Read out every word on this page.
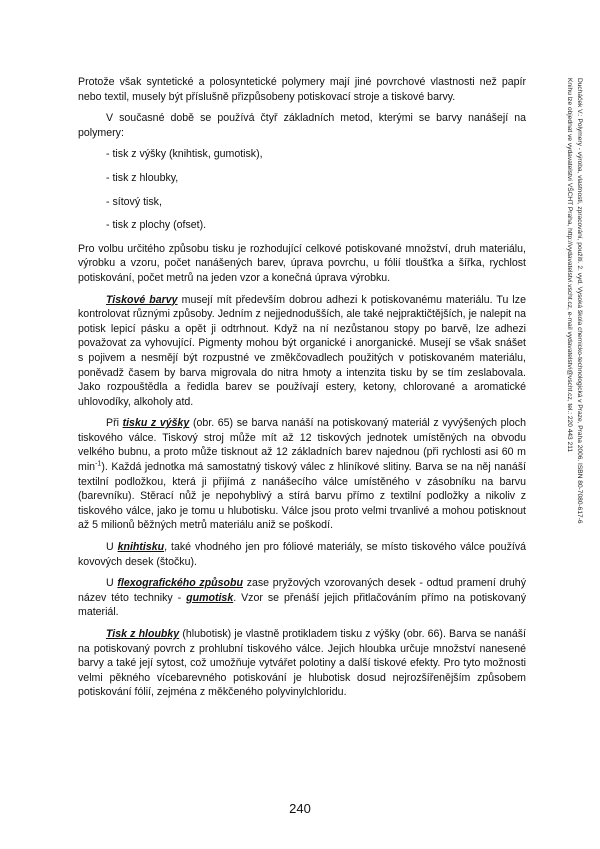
Protože však syntetické a polosyntetické polymery mají jiné povrchové vlastnosti než papír nebo textil, musely být příslušně přizpůsobeny potiskovací stroje a tiskové barvy.

V současné době se používá čtyř základních metod, kterými se barvy nanášejí na polymery:

- tisk z výšky (knihtisk, gumotisk),
- tisk z hloubky,
- sítový tisk,
- tisk z plochy (ofset).

Pro volbu určitého způsobu tisku je rozhodující celkové potiskované množství, druh materiálu, výrobku a vzoru, počet nanášených barev, úprava povrchu, u fólií tloušťka a šířka, rychlost potiskování, počet metrů na jeden vzor a konečná úprava výrobku.

Tiskové barvy musejí mít především dobrou adhezi k potiskovanému materiálu. Tu lze kontrolovat různými způsoby. Jedním z nejjednodušších, ale také nejpraktičtějších, je nalepit na potisk lepicí pásku a opět ji odtrhnout. Když na ní nezůstanou stopy po barvě, lze adhezi považovat za vyhovující. Pigmenty mohou být organické i anorganické. Musejí se však snášet s pojivem a nesmějí být rozpustné ve změkčovadlech použitých v potiskovaném materiálu, poněvadž časem by barva migrovala do nitra hmoty a intenzita tisku by se tím zeslabovala. Jako rozpouštědla a ředidla barev se používají estery, ketony, chlorované a aromatické uhlovodíky, alkoholy atd.

Při tisku z výšky (obr. 65) se barva nanáší na potiskovaný materiál z vyvýšených ploch tiskového válce. Tiskový stroj může mít až 12 tiskových jednotek umístěných na obvodu velkého bubnu, a proto může tisknout až 12 základních barev najednou (při rychlosti asi 60 m $\min^{-1}$). Každá jednotka má samostatný tiskový válec z hliníkové slitiny. Barva se na něj nanáší textilní podložkou, která ji přijímá z nanášecího válce umístěného v zásobníku na barvu (barevníku). Stěrací nůž je nepohyblivý a stírá barvu přímo z textilní podložky a nikoliv z tiskového válce, jako je tomu u hlubotisku. Válce jsou proto velmi trvanlivé a mohou potisknout až 5 milionů běžných metrů materiálu aniž se poškodí.

U knihtisku, také vhodného jen pro fóliové materiály, se místo tiskového válce používá kovových desek (štočku).

U flexografického způsobu zase pryžových vzorovaných desek - odtud pramení druhý název této techniky - gumotisk. Vzor se přenáší jejich přitlačováním přímo na potiskovaný materiál.

Tisk z hloubky (hlubotisk) je vlastně protikladem tisku z výšky (obr. 66). Barva se nanáší na potiskovaný povrch z prohlubní tiskového válce. Jejich hloubka určuje množství nanesené barvy a také její sytost, což umožňuje vytvářet polotiny a další tiskové efekty. Pro tyto možnosti velmi pěkného vícebarevného potiskování je hlubotisk dosud nejrozšířenějším způsobem potiskování fólií, zejména z měkčeného polyvinylchloridu.

Ducháček V.: Polymery - výroba, vlastnosti, zpracování, použití. 2. vyd. Vysoká škola chemicko-technologická v Praze, Praha 2006. ISBN 80-7080-617-6
Knihu lze objednat ve vydavatelství VŠCHT Praha, http://vydavatelstvi.vscht.cz, e-mail vydavatelstvi@vscht.cz, tel.: 220 443 211
240
